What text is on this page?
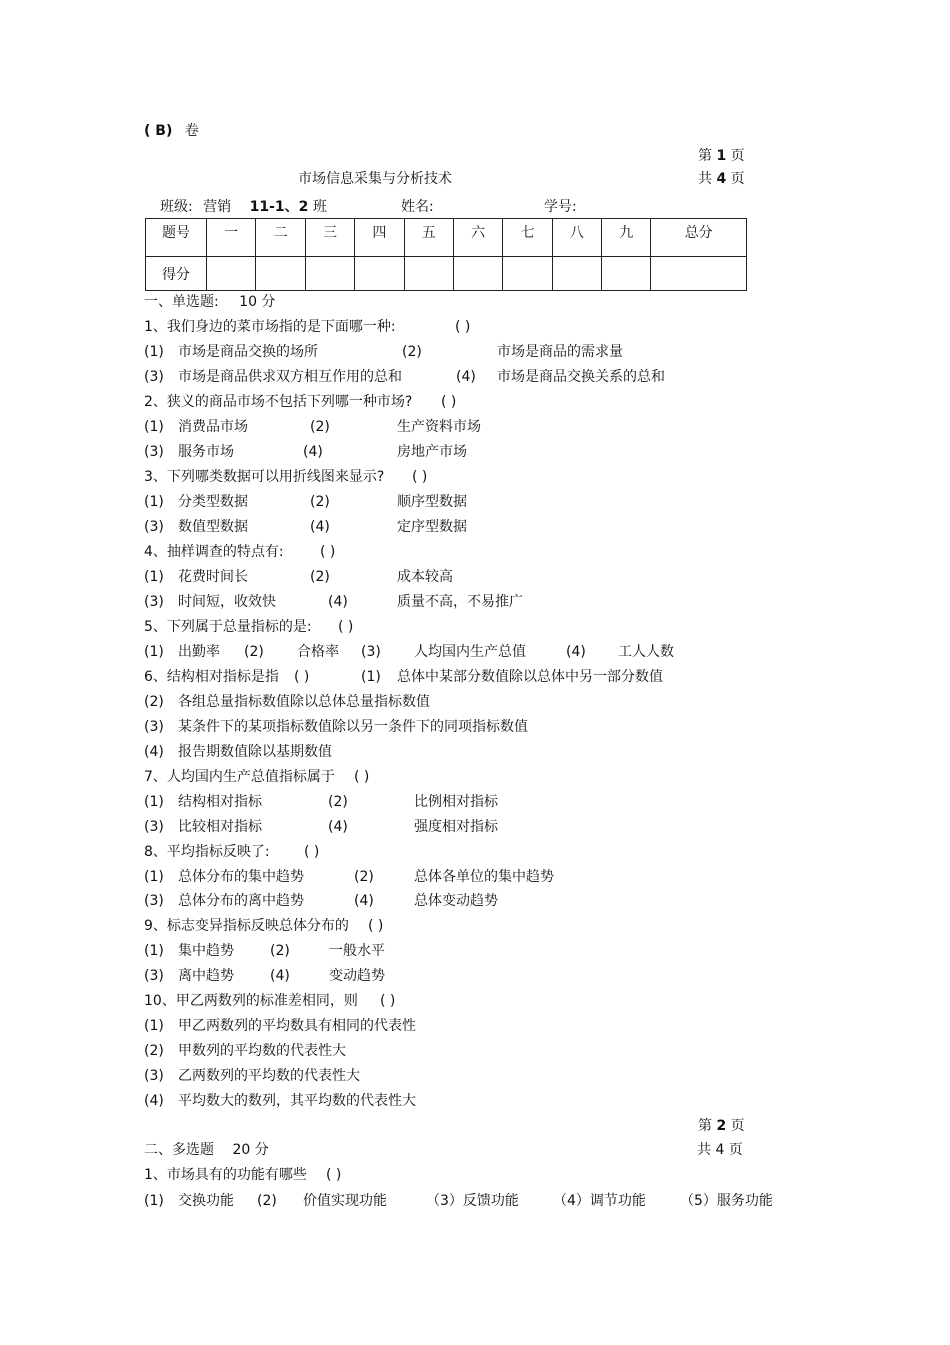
( B) 卷
第 1 页
市场信息采集与分析技术	共 4 页
班级: 营销 11-1、2 班	姓名:	学号:
题号	一	二	三	四	五	六	七	八	九	总分
得分										
一、单选题: 10 分
1、我们身边的菜市场指的是下面哪一种:	( )
(1) 市场是商品交换的场所	(2)	市场是商品的需求量
(3) 市场是商品供求双方相互作用的总和	(4) 市场是商品交换关系的总和
2、狭义的商品市场不包括下列哪一种市场? ( )
(1) 消费品市场	(2)	生产资料市场
(3) 服务市场	(4)	房地产市场
3、下列哪类数据可以用折线图来显示? ( )
(1) 分类型数据	(2)	顺序型数据
(3) 数值型数据	(4)	定序型数据
4、抽样调查的特点有:	( )
(1) 花费时间长	(2)	成本较高
(3) 时间短，收效快	(4)	质量不高，不易推广
5、下列属于总量指标的是: ( )
(1) 出勤率 (2) 合格率 (3) 人均国内生产总值	(4) 工人人数
6、结构相对指标是指 ( )	(1) 总体中某部分数值除以总体中另一部分数值
(2) 各组总量指标数值除以总体总量指标数值
(3) 某条件下的某项指标数值除以另一条件下的同项指标数值
(4) 报告期数值除以基期数值
7、人均国内生产总值指标属于 ( )
(1) 结构相对指标	(2)	比例相对指标
(3) 比较相对指标	(4)	强度相对指标
8、平均指标反映了: ( )
(1) 总体分布的集中趋势	(2)	总体各单位的集中趋势
(3) 总体分布的离中趋势	(4)	总体变动趋势
9、标志变异指标反映总体分布的 ( )
(1) 集中趋势	(2)	一般水平
(3) 离中趋势	(4)	变动趋势
10、甲乙两数列的标准差相同，则 ( )
(1) 甲乙两数列的平均数具有相同的代表性
(2) 甲数列的平均数的代表性大
(3) 乙两数列的平均数的代表性大
(4) 平均数大的数列，其平均数的代表性大
第 2 页
共 4 页
二、多选题 20 分
1、市场具有的功能有哪些 ( )
(1) 交换功能 (2) 价值实现功能	（3）反馈功能 （4）调节功能 （5）服务功能
